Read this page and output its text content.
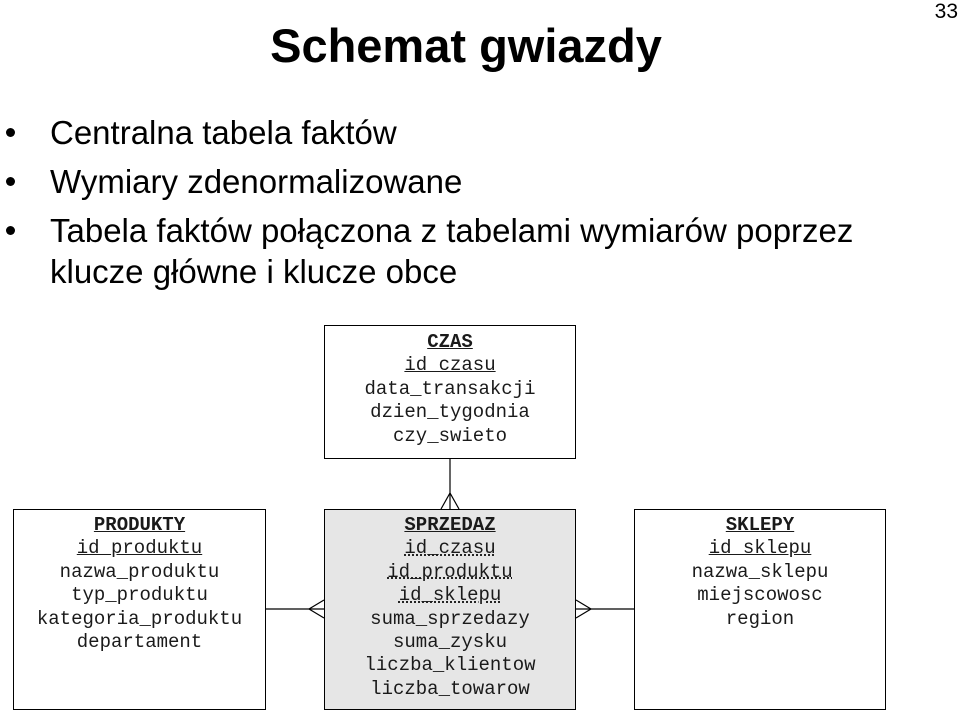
33
Schemat gwiazdy
Centralna tabela faktów
Wymiary zdenormalizowane
Tabela faktów połączona z tabelami wymiarów poprzez klucze główne i klucze obce
CZAS
id_czasu
data_transakcji
dzien_tygodnia
czy_swieto
PRODUKTY
id_produktu
nazwa_produktu
typ_produktu
kategoria_produktu
departament
SPRZEDAZ
id_czasu
id_produktu
id_sklepu
suma_sprzedazy
suma_zysku
liczba_klientow
liczba_towarow
SKLEPY
id_sklepu
nazwa_sklepu
miejscowosc
region
